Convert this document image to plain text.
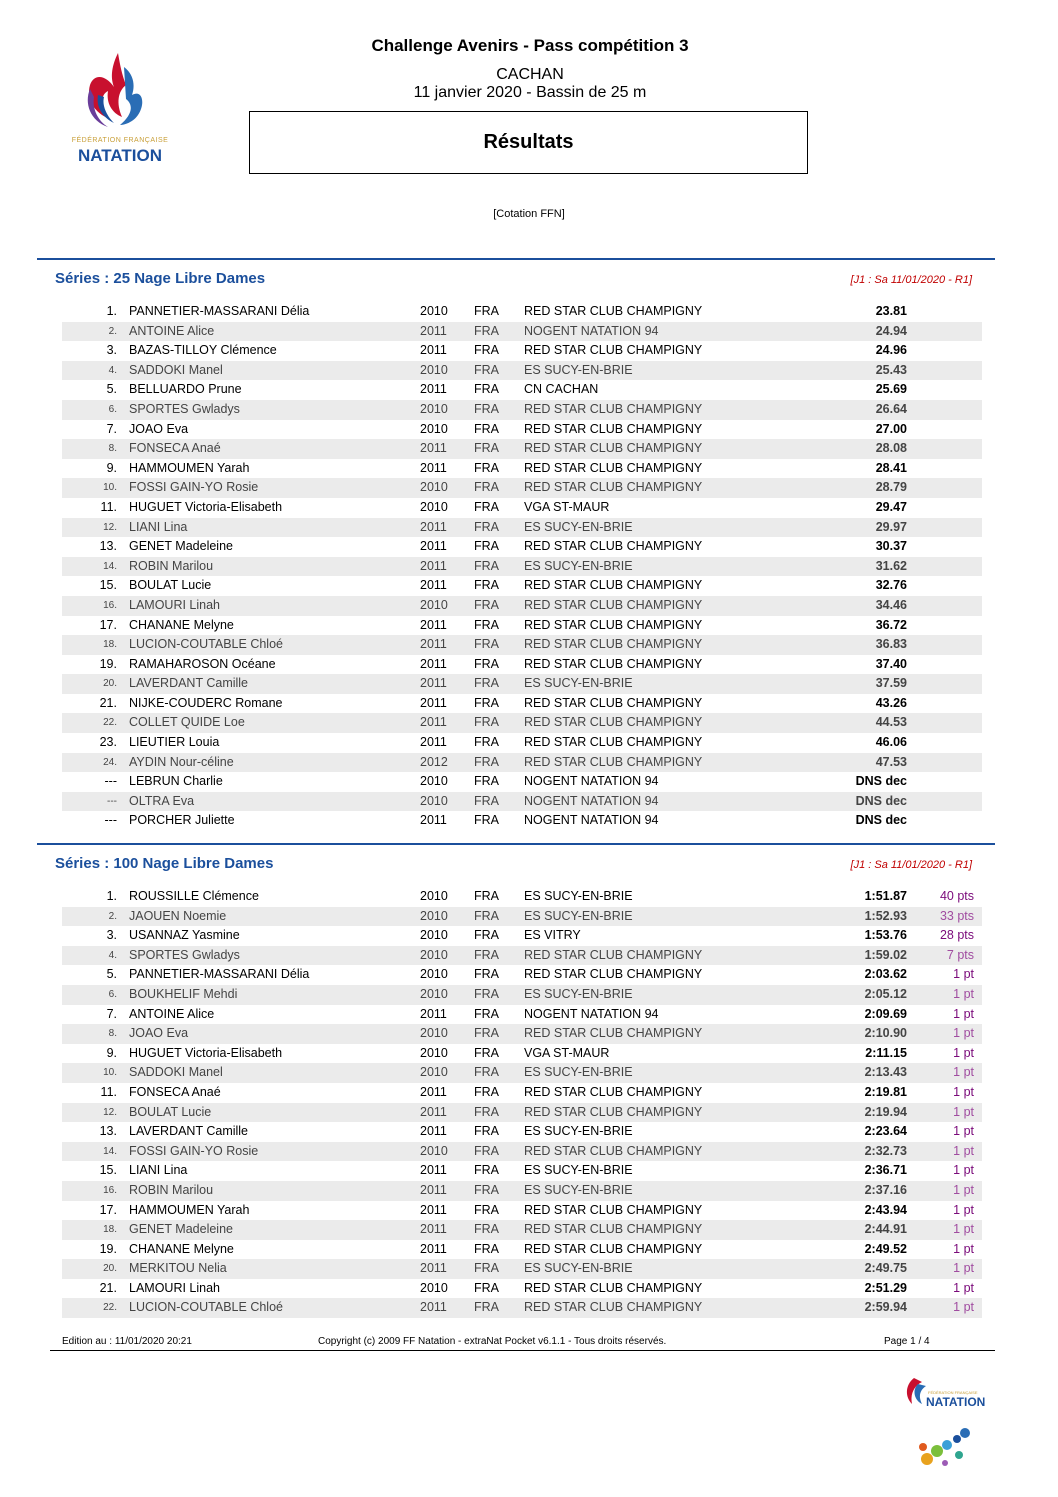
FÉDÉRATION FRANÇAISE
NATATION
Challenge Avenirs - Pass compétition 3
CACHAN
11 janvier 2020 - Bassin de 25 m
Résultats
[Cotation FFN]
Séries : 25 Nage Libre Dames	[J1 : Sa 11/01/2020 - R1]
1. PANNETIER-MASSARANI Délia	2010 FRA RED STAR CLUB CHAMPIGNY	23.81
2. ANTOINE Alice	2011 FRA NOGENT NATATION 94	24.94
3. BAZAS-TILLOY Clémence	2011 FRA RED STAR CLUB CHAMPIGNY	24.96
4. SADDOKI Manel	2010 FRA ES SUCY-EN-BRIE	25.43
5. BELLUARDO Prune	2011 FRA CN CACHAN	25.69
6. SPORTES Gwladys	2010 FRA RED STAR CLUB CHAMPIGNY	26.64
7. JOAO Eva	2010 FRA RED STAR CLUB CHAMPIGNY	27.00
8. FONSECA Anaé	2011 FRA RED STAR CLUB CHAMPIGNY	28.08
9. HAMMOUMEN Yarah	2011 FRA RED STAR CLUB CHAMPIGNY	28.41
10. FOSSI GAIN-YO Rosie	2010 FRA RED STAR CLUB CHAMPIGNY	28.79
11. HUGUET Victoria-Elisabeth	2010 FRA VGA ST-MAUR	29.47
12. LIANI Lina	2011 FRA ES SUCY-EN-BRIE	29.97
13. GENET Madeleine	2011 FRA RED STAR CLUB CHAMPIGNY	30.37
14. ROBIN Marilou	2011 FRA ES SUCY-EN-BRIE	31.62
15. BOULAT Lucie	2011 FRA RED STAR CLUB CHAMPIGNY	32.76
16. LAMOURI Linah	2010 FRA RED STAR CLUB CHAMPIGNY	34.46
17. CHANANE Melyne	2011 FRA RED STAR CLUB CHAMPIGNY	36.72
18. LUCION-COUTABLE Chloé	2011 FRA RED STAR CLUB CHAMPIGNY	36.83
19. RAMAHAROSON Océane	2011 FRA RED STAR CLUB CHAMPIGNY	37.40
20. LAVERDANT Camille	2011 FRA ES SUCY-EN-BRIE	37.59
21. NIJKE-COUDERC Romane	2011 FRA RED STAR CLUB CHAMPIGNY	43.26
22. COLLET QUIDE Loe	2011 FRA RED STAR CLUB CHAMPIGNY	44.53
23. LIEUTIER Louia	2011 FRA RED STAR CLUB CHAMPIGNY	46.06
24. AYDIN Nour-céline	2012 FRA RED STAR CLUB CHAMPIGNY	47.53
--- LEBRUN Charlie	2010 FRA NOGENT NATATION 94	DNS dec
--- OLTRA Eva	2010 FRA NOGENT NATATION 94	DNS dec
--- PORCHER Juliette	2011 FRA NOGENT NATATION 94	DNS dec
Séries : 100 Nage Libre Dames	[J1 : Sa 11/01/2020 - R1]
1. ROUSSILLE Clémence	2010 FRA ES SUCY-EN-BRIE	1:51.87	40 pts
2. JAOUEN Noemie	2010 FRA ES SUCY-EN-BRIE	1:52.93	33 pts
3. USANNAZ Yasmine	2010 FRA ES VITRY	1:53.76	28 pts
4. SPORTES Gwladys	2010 FRA RED STAR CLUB CHAMPIGNY	1:59.02	7 pts
5. PANNETIER-MASSARANI Délia	2010 FRA RED STAR CLUB CHAMPIGNY	2:03.62	1 pt
6. BOUKHELIF Mehdi	2010 FRA ES SUCY-EN-BRIE	2:05.12	1 pt
7. ANTOINE Alice	2011 FRA NOGENT NATATION 94	2:09.69	1 pt
8. JOAO Eva	2010 FRA RED STAR CLUB CHAMPIGNY	2:10.90	1 pt
9. HUGUET Victoria-Elisabeth	2010 FRA VGA ST-MAUR	2:11.15	1 pt
10. SADDOKI Manel	2010 FRA ES SUCY-EN-BRIE	2:13.43	1 pt
11. FONSECA Anaé	2011 FRA RED STAR CLUB CHAMPIGNY	2:19.81	1 pt
12. BOULAT Lucie	2011 FRA RED STAR CLUB CHAMPIGNY	2:19.94	1 pt
13. LAVERDANT Camille	2011 FRA ES SUCY-EN-BRIE	2:23.64	1 pt
14. FOSSI GAIN-YO Rosie	2010 FRA RED STAR CLUB CHAMPIGNY	2:32.73	1 pt
15. LIANI Lina	2011 FRA ES SUCY-EN-BRIE	2:36.71	1 pt
16. ROBIN Marilou	2011 FRA ES SUCY-EN-BRIE	2:37.16	1 pt
17. HAMMOUMEN Yarah	2011 FRA RED STAR CLUB CHAMPIGNY	2:43.94	1 pt
18. GENET Madeleine	2011 FRA RED STAR CLUB CHAMPIGNY	2:44.91	1 pt
19. CHANANE Melyne	2011 FRA RED STAR CLUB CHAMPIGNY	2:49.52	1 pt
20. MERKITOU Nelia	2011 FRA ES SUCY-EN-BRIE	2:49.75	1 pt
21. LAMOURI Linah	2010 FRA RED STAR CLUB CHAMPIGNY	2:51.29	1 pt
22. LUCION-COUTABLE Chloé	2011 FRA RED STAR CLUB CHAMPIGNY	2:59.94	1 pt
Edition au : 11/01/2020 20:21	Copyright (c) 2009 FF Natation - extraNat Pocket v6.1.1 - Tous droits réservés.	Page 1 / 4
NATATION
FÉDÉRATION FRANÇAISE
